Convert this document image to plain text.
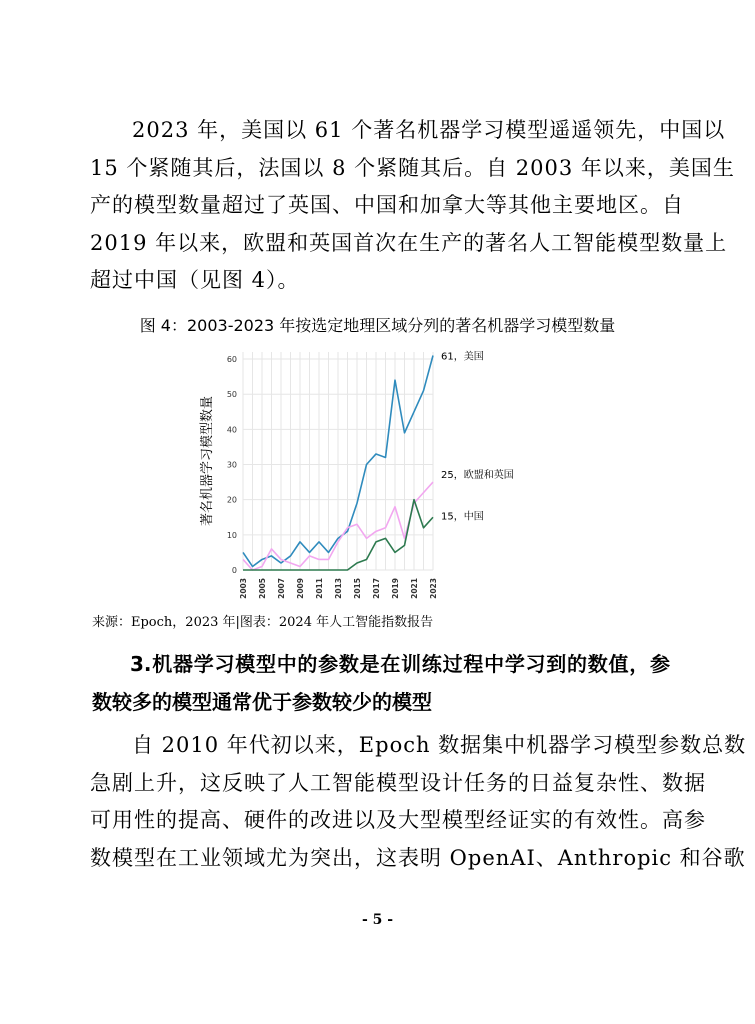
2023 年，美国以 61 个著名机器学习模型遥遥领先，中国以
15 个紧随其后，法国以 8 个紧随其后。自 2003 年以来，美国生
产的模型数量超过了英国、中国和加拿大等其他主要地区。自
2019 年以来，欧盟和英国首次在生产的著名人工智能模型数量上
超过中国（见图 4）。

图 4：2003-2023 年按选定地理区域分列的著名机器学习模型数量
0
10
20
30
40
50
60
2003 2005 2007 2009 2011 2013 2015 2017 2019 2021 2023
著名机器学习模型数量
61，美国
25，欧盟和英国
15，中国
来源：Epoch，2023 年|图表：2024 年人工智能指数报告
3.机器学习模型中的参数是在训练过程中学习到的数值，参
数较多的模型通常优于参数较少的模型

自 2010 年代初以来，Epoch 数据集中机器学习模型参数总数
急剧上升，这反映了人工智能模型设计任务的日益复杂性、数据
可用性的提高、硬件的改进以及大型模型经证实的有效性。高参
数模型在工业领域尤为突出，这表明 OpenAI、Anthropic 和谷歌

- 5 -
